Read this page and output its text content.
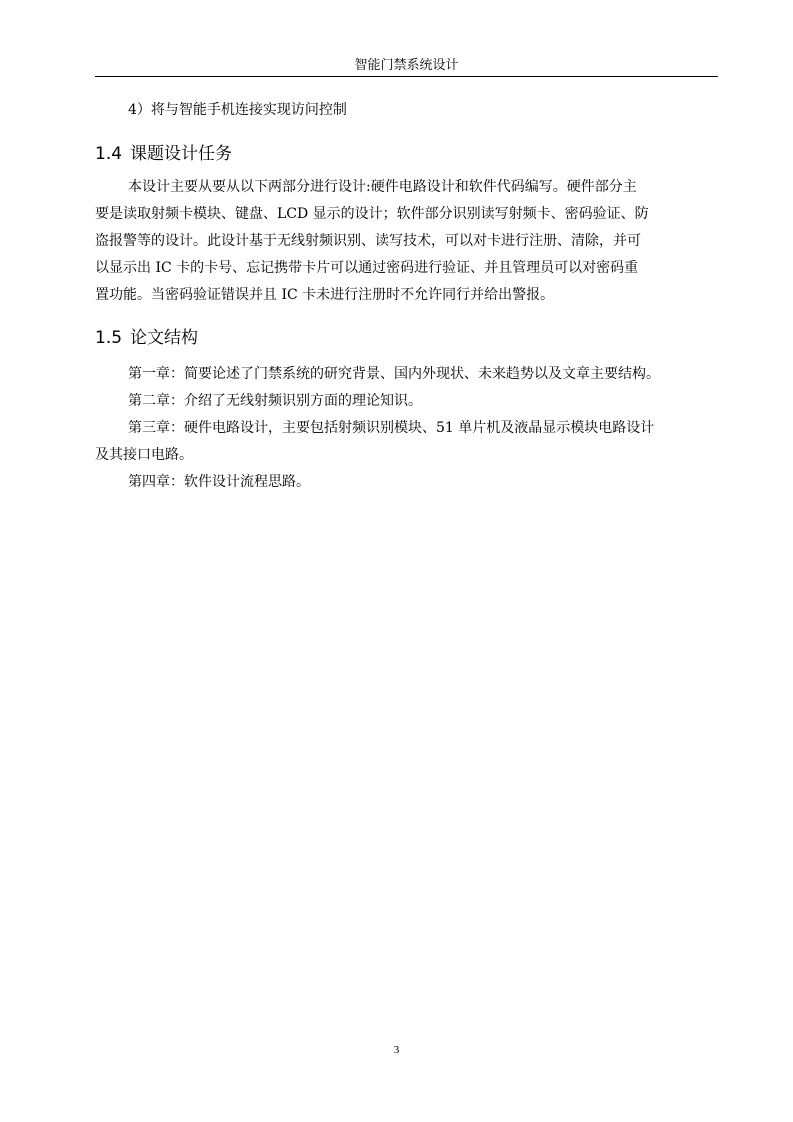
智能门禁系统设计
4）将与智能手机连接实现访问控制
1.4 课题设计任务
本设计主要从要从以下两部分进行设计:硬件电路设计和软件代码编写。硬件部分主
要是读取射频卡模块、键盘、LCD 显示的设计；软件部分识别读写射频卡、密码验证、防
盗报警等的设计。此设计基于无线射频识别、读写技术，可以对卡进行注册、清除，并可
以显示出 IC 卡的卡号、忘记携带卡片可以通过密码进行验证、并且管理员可以对密码重
置功能。当密码验证错误并且 IC 卡未进行注册时不允许同行并给出警报。
1.5 论文结构
第一章：简要论述了门禁系统的研究背景、国内外现状、未来趋势以及文章主要结构。
第二章：介绍了无线射频识别方面的理论知识。
第三章：硬件电路设计，主要包括射频识别模块、51 单片机及液晶显示模块电路设计
及其接口电路。
第四章：软件设计流程思路。
3
